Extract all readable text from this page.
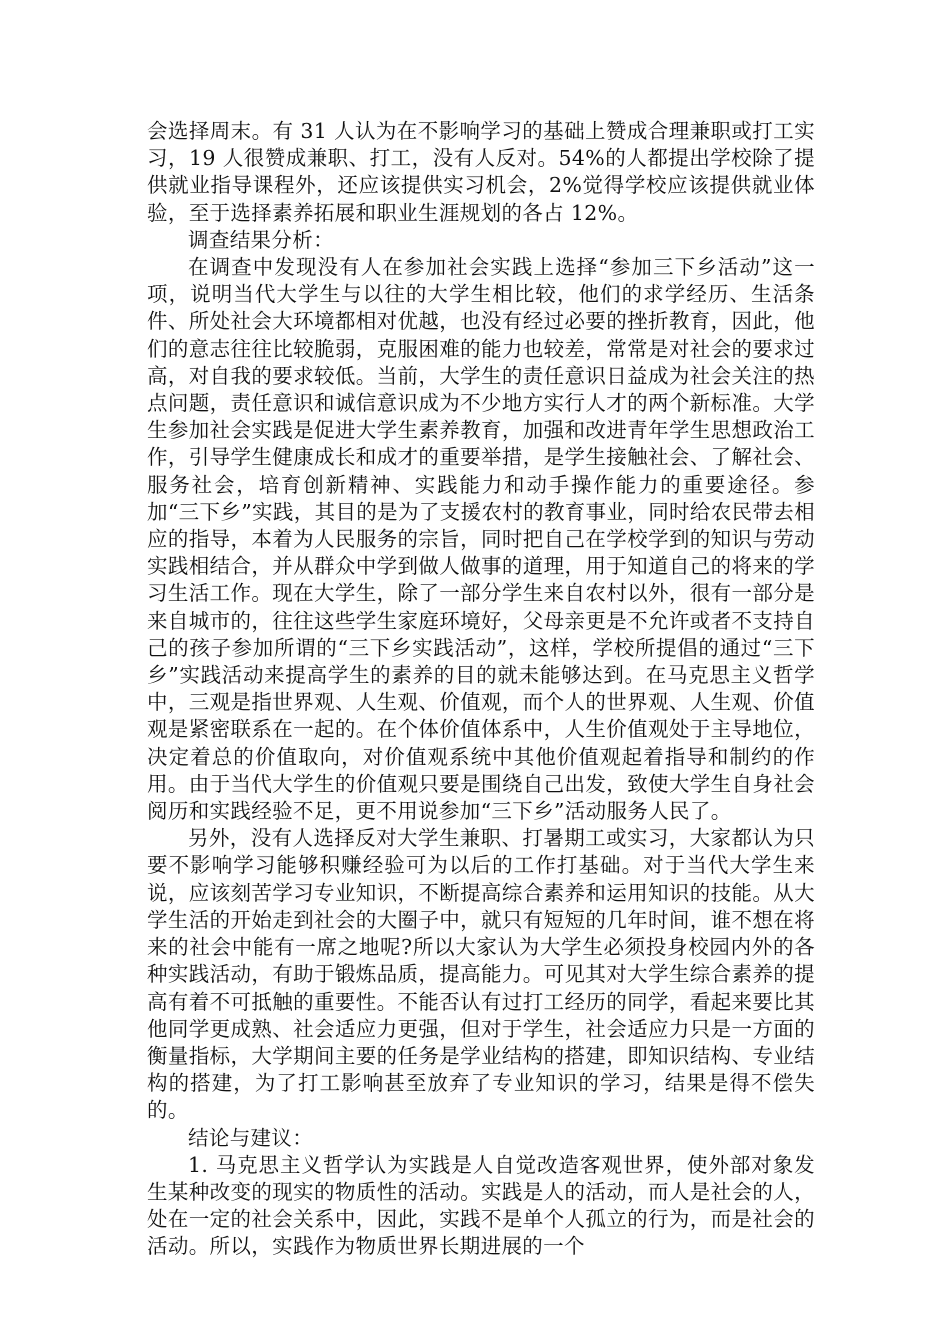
会选择周末。有 31 人认为在不影响学习的基础上赞成合理兼职或打工实习，19 人很赞成兼职、打工，没有人反对。54%的人都提出学校除了提供就业指导课程外，还应该提供实习机会，2%觉得学校应该提供就业体验，至于选择素养拓展和职业生涯规划的各占 12%。

调查结果分析：

在调查中发现没有人在参加社会实践上选择“参加三下乡活动”这一项，说明当代大学生与以往的大学生相比较，他们的求学经历、生活条件、所处社会大环境都相对优越，也没有经过必要的挫折教育，因此，他们的意志往往比较脆弱，克服困难的能力也较差，常常是对社会的要求过高，对自我的要求较低。当前，大学生的责任意识日益成为社会关注的热点问题，责任意识和诚信意识成为不少地方实行人才的两个新标准。大学生参加社会实践是促进大学生素养教育，加强和改进青年学生思想政治工作，引导学生健康成长和成才的重要举措，是学生接触社会、了解社会、服务社会，培育创新精神、实践能力和动手操作能力的重要途径。参加“三下乡”实践，其目的是为了支援农村的教育事业，同时给农民带去相应的指导，本着为人民服务的宗旨，同时把自己在学校学到的知识与劳动实践相结合，并从群众中学到做人做事的道理，用于知道自己的将来的学习生活工作。现在大学生，除了一部分学生来自农村以外，很有一部分是来自城市的，往往这些学生家庭环境好，父母亲更是不允许或者不支持自己的孩子参加所谓的“三下乡实践活动”，这样，学校所提倡的通过“三下乡”实践活动来提高学生的素养的目的就未能够达到。在马克思主义哲学中，三观是指世界观、人生观、价值观，而个人的世界观、人生观、价值观是紧密联系在一起的。在个体价值体系中，人生价值观处于主导地位，决定着总的价值取向，对价值观系统中其他价值观起着指导和制约的作用。由于当代大学生的价值观只要是围绕自己出发，致使大学生自身社会阅历和实践经验不足，更不用说参加“三下乡”活动服务人民了。

另外，没有人选择反对大学生兼职、打暑期工或实习，大家都认为只要不影响学习能够积赚经验可为以后的工作打基础。对于当代大学生来说，应该刻苦学习专业知识，不断提高综合素养和运用知识的技能。从大学生活的开始走到社会的大圈子中，就只有短短的几年时间，谁不想在将来的社会中能有一席之地呢?所以大家认为大学生必须投身校园内外的各种实践活动，有助于锻炼品质，提高能力。可见其对大学生综合素养的提高有着不可抵触的重要性。不能否认有过打工经历的同学，看起来要比其他同学更成熟、社会适应力更强，但对于学生，社会适应力只是一方面的衡量指标，大学期间主要的任务是学业结构的搭建，即知识结构、专业结构的搭建，为了打工影响甚至放弃了专业知识的学习，结果是得不偿失的。

结论与建议：

1. 马克思主义哲学认为实践是人自觉改造客观世界，使外部对象发生某种改变的现实的物质性的活动。实践是人的活动，而人是社会的人，处在一定的社会关系中，因此，实践不是单个人孤立的行为，而是社会的活动。所以，实践作为物质世界长期进展的一个
